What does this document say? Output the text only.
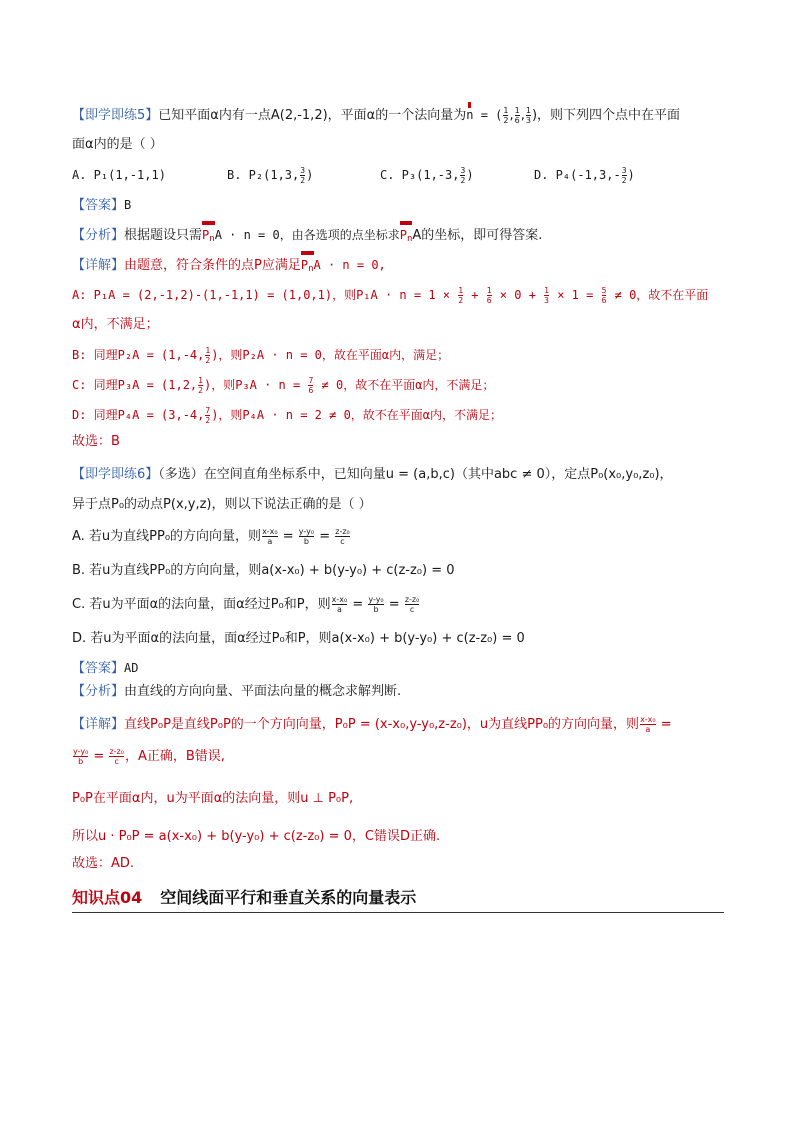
【即学即练5】已知平面α内有一点A(2,-1,2)，平面α的一个法向量为n = ( $\frac{1}{2}$ , $\frac{1}{6}$ , $\frac{1}{3}$ )，则下列四个点中在平面
面α内的是（ ）
A. P₁(1,-1,1)	B. P₂(1,3, $\frac{3}{2}$ )	C. P₃(1,-3, $\frac{3}{2}$ )	D. $P_4(-1,3,- \frac{3}{2}$ )
【答案】B
【分析】根据题设只需$P_nA \cdot n = 0$，由各选项的点坐标求$P_nA$的坐标，即可得答案.
【详解】由题意，符合条件的点P应满足$P_nA \cdot n = 0$,
A: P₁A = (2,-1,2)-(1,-1,1) = (1,0,1)，则$P_1A \cdot n = 1 \times \frac{1}{2} + \frac{1}{6} \times 0 + \frac{1}{3} \times 1 = \frac{5}{6} \ne 0$，故不在平面
α内，不满足；
B: 同理P₂A = (1,-4, $\frac{1}{2}$ )，则P₂A · n = 0，故在平面α内，满足；
C: 同理P₃A = (1,2, $\frac{1}{2}$ )，则$P_3A \cdot n = \frac{7}{6} \ne 0$，故不在平面α内，不满足；
D: 同理P₄A = (3,-4, $\frac{7}{2}$ )，则P₄A · n = 2 ≠ 0，故不在平面α内，不满足；
故选：B
【即学即练6】（多选）在空间直角坐标系中，已知向量u = (a,b,c)（其中abc ≠ 0），定点P₀(x₀,y₀,z₀)，
异于点P₀的动点P(x,y,z)，则以下说法正确的是（ ）
A. 若u为直线PP₀的方向向量，则 $\frac{\text{x-x₀}}{a} = \frac{\text{y-y₀}}{b} = \frac{\text{z-z₀}}{c}$
B. 若u为直线PP₀的方向向量，则a(x-x₀) + b(y-y₀) + c(z-z₀) = 0
C. 若u为平面α的法向量，面α经过P₀和P，则 $\frac{\text{x-x₀}}{a} = \frac{\text{y-y₀}}{b} = \frac{\text{z-z₀}}{c}$
D. 若u为平面α的法向量，面α经过P₀和P，则a(x-x₀) + b(y-y₀) + c(z-z₀) = 0
【答案】AD
【分析】由直线的方向向量、平面法向量的概念求解判断.
【详解】直线P₀P是直线P₀P的一个方向向量，P₀P = (x-x₀,y-y₀,z-z₀)，u为直线PP₀的方向向量，则 $\frac{\text{x-x₀}}{a}$ =
$\frac{\text{y-y₀}}{b} = \frac{\text{z-z₀}}{c}$ ，A正确，B错误,
P₀P在平面α内，u为平面α的法向量，则u ⊥ P₀P,
所以u · P₀P = a(x-x₀) + b(y-y₀) + c(z-z₀) = 0，C错误D正确.
故选：AD.
知识点04 空间线面平行和垂直关系的向量表示
